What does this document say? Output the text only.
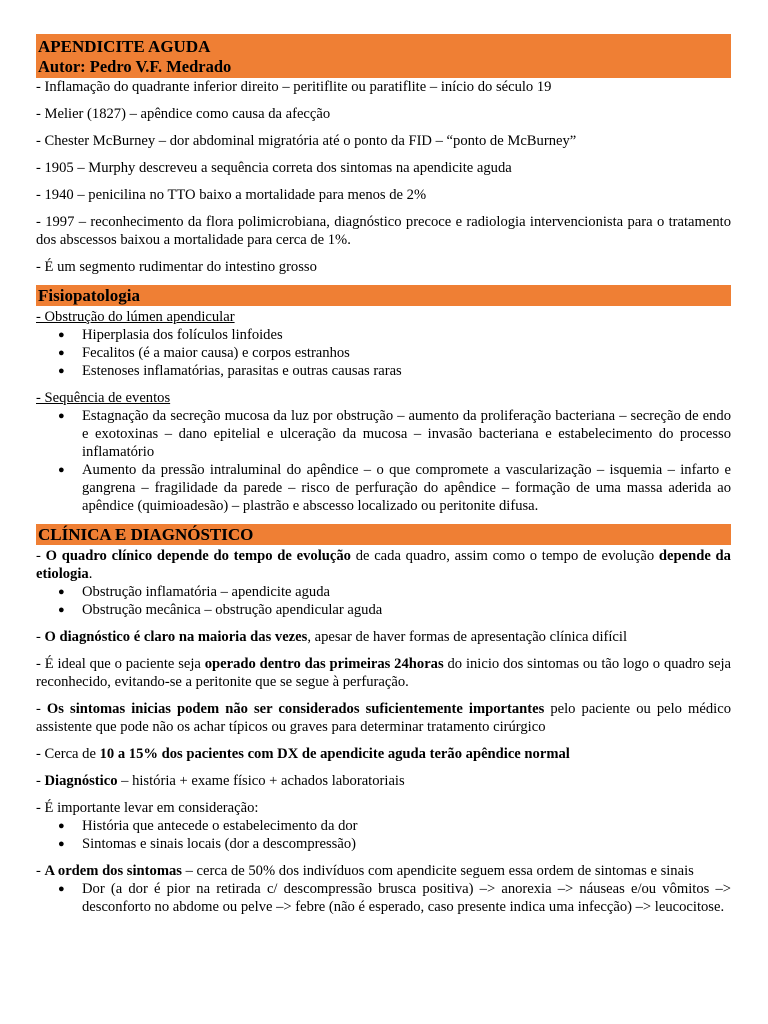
APENDICITE AGUDA
Autor: Pedro V.F. Medrado

- Inflamação do quadrante inferior direito – peritiflite ou paratiflite – início do século 19

- Melier (1827) – apêndice como causa da afecção

- Chester McBurney – dor abdominal migratória até o ponto da FID – “ponto de McBurney”

- 1905 – Murphy descreveu a sequência correta dos sintomas na apendicite aguda

- 1940 – penicilina no TTO baixo a mortalidade para menos de 2%

- 1997 – reconhecimento da flora polimicrobiana, diagnóstico precoce e radiologia intervencionista para o tratamento dos abscessos baixou a mortalidade para cerca de 1%.

- É um segmento rudimentar do intestino grosso

Fisiopatologia
- Obstrução do lúmen apendicular
● Hiperplasia dos folículos linfoides
● Fecalitos (é a maior causa) e corpos estranhos
● Estenoses inflamatórias, parasitas e outras causas raras
- Sequência de eventos
● Estagnação da secreção mucosa da luz por obstrução – aumento da proliferação bacteriana – secreção de endo e exotoxinas – dano epitelial e ulceração da mucosa – invasão bacteriana e estabelecimento do processo inflamatório
● Aumento da pressão intraluminal do apêndice – o que compromete a vascularização – isquemia – infarto e gangrena – fragilidade da parede – risco de perfuração do apêndice – formação de uma massa aderida ao apêndice (quimioadesão) – plastrão e abscesso localizado ou peritonite difusa.
CLÍNICA E DIAGNÓSTICO

- O quadro clínico depende do tempo de evolução de cada quadro, assim como o tempo de evolução depende da etiologia.

● Obstrução inflamatória – apendicite aguda
● Obstrução mecânica – obstrução apendicular aguda

- O diagnóstico é claro na maioria das vezes, apesar de haver formas de apresentação clínica difícil

- É ideal que o paciente seja operado dentro das primeiras 24horas do inicio dos sintomas ou tão logo o quadro seja reconhecido, evitando-se a peritonite que se segue à perfuração.

- Os sintomas inicias podem não ser considerados suficientemente importantes pelo paciente ou pelo médico assistente que pode não os achar típicos ou graves para determinar tratamento cirúrgico

- Cerca de 10 a 15% dos pacientes com DX de apendicite aguda terão apêndice normal

- Diagnóstico – história + exame físico + achados laboratoriais

- É importante levar em consideração:

● História que antecede o estabelecimento da dor
● Sintomas e sinais locais (dor a descompressão)

- A ordem dos sintomas – cerca de 50% dos indivíduos com apendicite seguem essa ordem de sintomas e sinais

● Dor (a dor é pior na retirada c/ descompressão brusca positiva) –> anorexia –> náuseas e/ou vômitos –> desconforto no abdome ou pelve –> febre (não é esperado, caso presente indica uma infecção) –> leucocitose.
